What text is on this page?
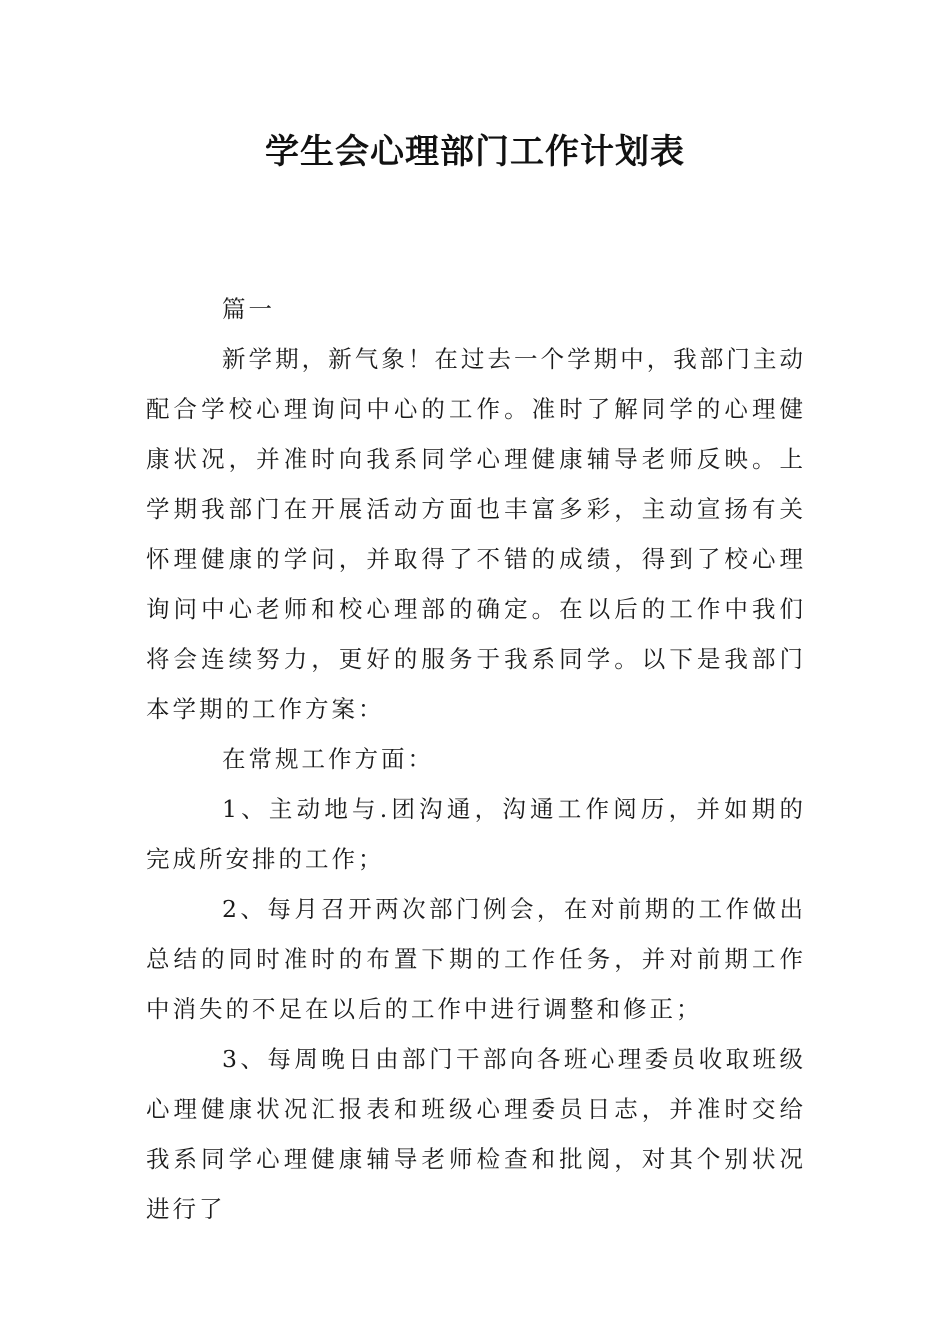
学生会心理部门工作计划表

篇一

新学期，新气象！在过去一个学期中，我部门主动配合学校心理询问中心的工作。准时了解同学的心理健康状况，并准时向我系同学心理健康辅导老师反映。上学期我部门在开展活动方面也丰富多彩，主动宣扬有关怀理健康的学问，并取得了不错的成绩，得到了校心理询问中心老师和校心理部的确定。在以后的工作中我们将会连续努力，更好的服务于我系同学。以下是我部门本学期的工作方案：

在常规工作方面：

1、主动地与.团沟通，沟通工作阅历，并如期的完成所安排的工作；

2、每月召开两次部门例会，在对前期的工作做出总结的同时准时的布置下期的工作任务，并对前期工作中消失的不足在以后的工作中进行调整和修正；

3、每周晚日由部门干部向各班心理委员收取班级心理健康状况汇报表和班级心理委员日志，并准时交给我系同学心理健康辅导老师检查和批阅，对其个别状况进行了
